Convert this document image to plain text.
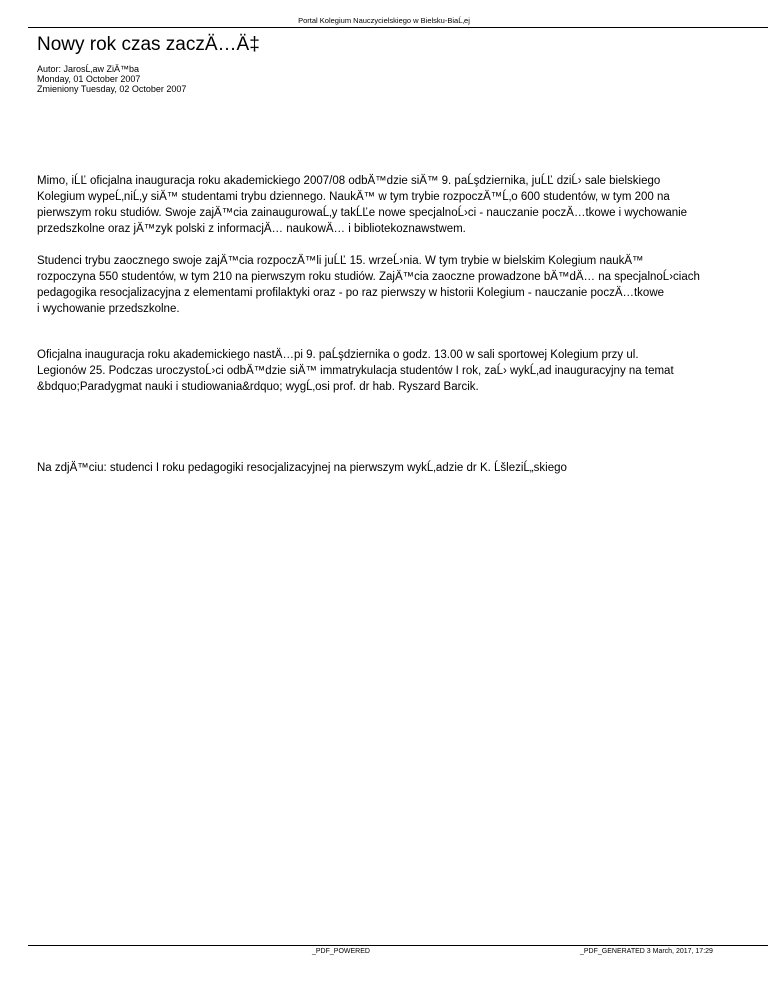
Portal Kolegium Nauczycielskiego w Bielsku-BiaĹ‚ej
Nowy rok czas zaczÄ…Ä‡
Autor: JarosĹ‚aw ZiÄ™ba
Monday, 01 October 2007
Zmieniony Tuesday, 02 October 2007
Mimo, iĹĽ oficjalna inauguracja roku akademickiego 2007/08 odbÄ™dzie siÄ™ 9. paĹşdziernika, juĹĽ dziĹ› sale bielskiego
Kolegium wypeĹ‚niĹ‚y siÄ™ studentami trybu dziennego. NaukÄ™ w tym trybie rozpoczÄ™Ĺ‚o 600 studentów, w tym 200 na
pierwszym roku studiów. Swoje zajÄ™cia zainaugurowaĹ‚y takĹĽe nowe specjalnoĹ›ci - nauczanie poczÄ…tkowe i wychowanie
przedszkolne oraz jÄ™zyk polski z informacjÄ… naukowÄ… i bibliotekoznawstwem.
Studenci trybu zaocznego swoje zajÄ™cia rozpoczÄ™li juĹĽ 15. wrzeĹ›nia. W tym trybie w bielskim Kolegium naukÄ™
rozpoczyna 550 studentów, w tym 210 na pierwszym roku studiów. ZajÄ™cia zaoczne prowadzone bÄ™dÄ… na specjalnoĹ›ciach
pedagogika resocjalizacyjna z elementami profilaktyki oraz - po raz pierwszy w historii Kolegium - nauczanie poczÄ…tkowe
i wychowanie przedszkolne.
Oficjalna inauguracja roku akademickiego nastÄ…pi 9. paĹşdziernika o godz. 13.00 w sali sportowej Kolegium przy ul.
Legionów 25. Podczas uroczystoĹ›ci odbÄ™dzie siÄ™ immatrykulacja studentów I rok, zaĹ› wykĹ‚ad inauguracyjny na temat
&bdquo;Paradygmat nauki i studiowania&rdquo; wygĹ‚osi prof. dr hab. Ryszard Barcik.
Na zdjÄ™ciu: studenci I roku pedagogiki resocjalizacyjnej na pierwszym wykĹ‚adzie dr K. ĹšleziĹ„skiego
_PDF_POWERED	_PDF_GENERATED 3 March, 2017, 17:29
